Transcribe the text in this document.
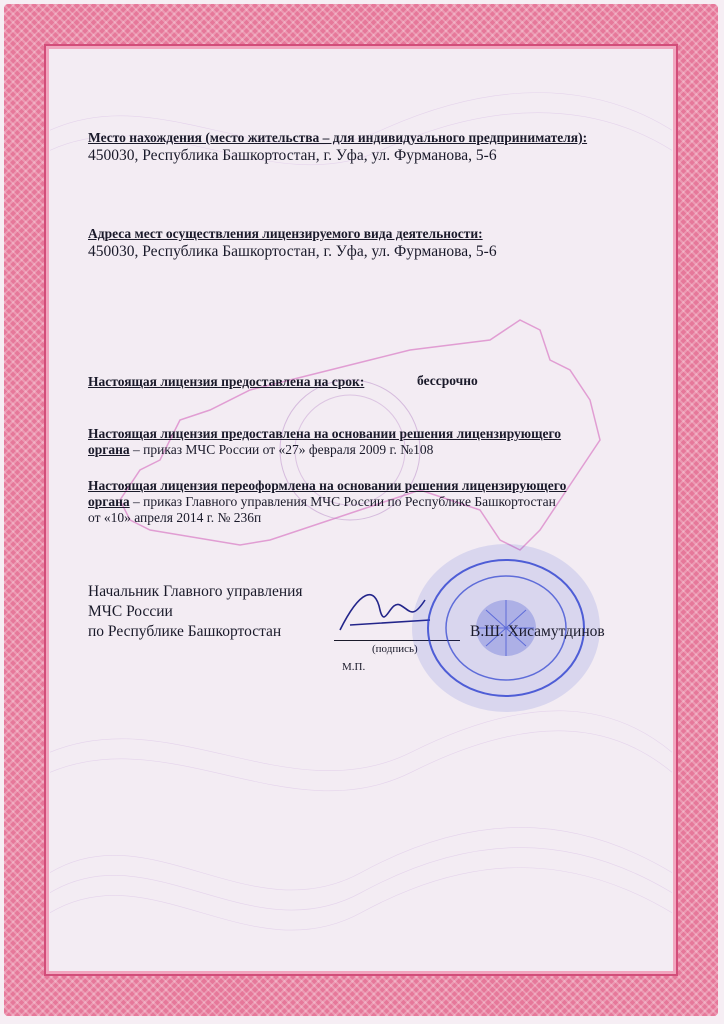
Место нахождения (место жительства – для индивидуального предпринимателя):
450030, Республика Башкортостан, г. Уфа, ул. Фурманова, 5-6
Адреса мест осуществления лицензируемого вида деятельности:
450030, Республика Башкортостан, г. Уфа, ул. Фурманова, 5-6
Настоящая лицензия предоставлена на срок:	бессрочно
Настоящая лицензия предоставлена на основании решения лицензирующего
органа – приказ МЧС России от «27» февраля 2009 г. №108
Настоящая лицензия переоформлена на основании решения лицензирующего
органа – приказ Главного управления МЧС России по Республике Башкортостан
от «10» апреля 2014 г. № 236п
Начальник Главного управления
МЧС России
по Республике Башкортостан
(подпись)
М.П.
В.Ш. Хисамутдинов
